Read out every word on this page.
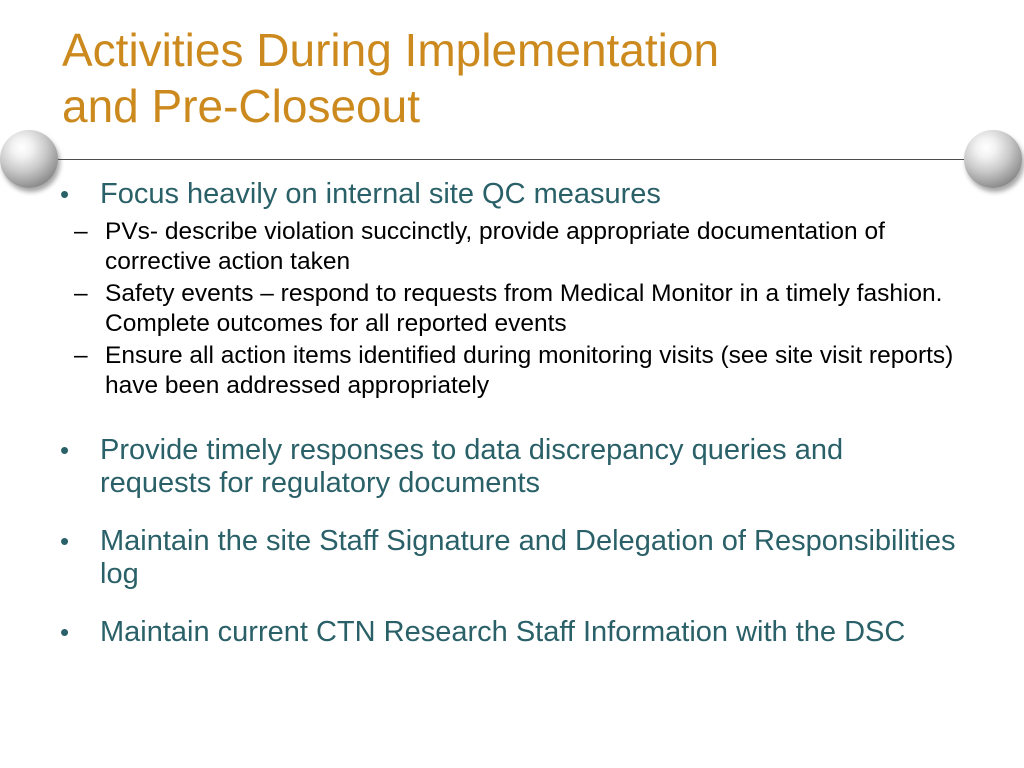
Activities During Implementation
and Pre-Closeout
• Focus heavily on internal site QC measures
– PVs- describe violation succinctly, provide appropriate documentation of corrective action taken
– Safety events – respond to requests from Medical Monitor in a timely fashion. Complete outcomes for all reported events
– Ensure all action items identified during monitoring visits (see site visit reports) have been addressed appropriately
• Provide timely responses to data discrepancy queries and requests for regulatory documents
• Maintain the site Staff Signature and Delegation of Responsibilities log
• Maintain current CTN Research Staff Information with the DSC
